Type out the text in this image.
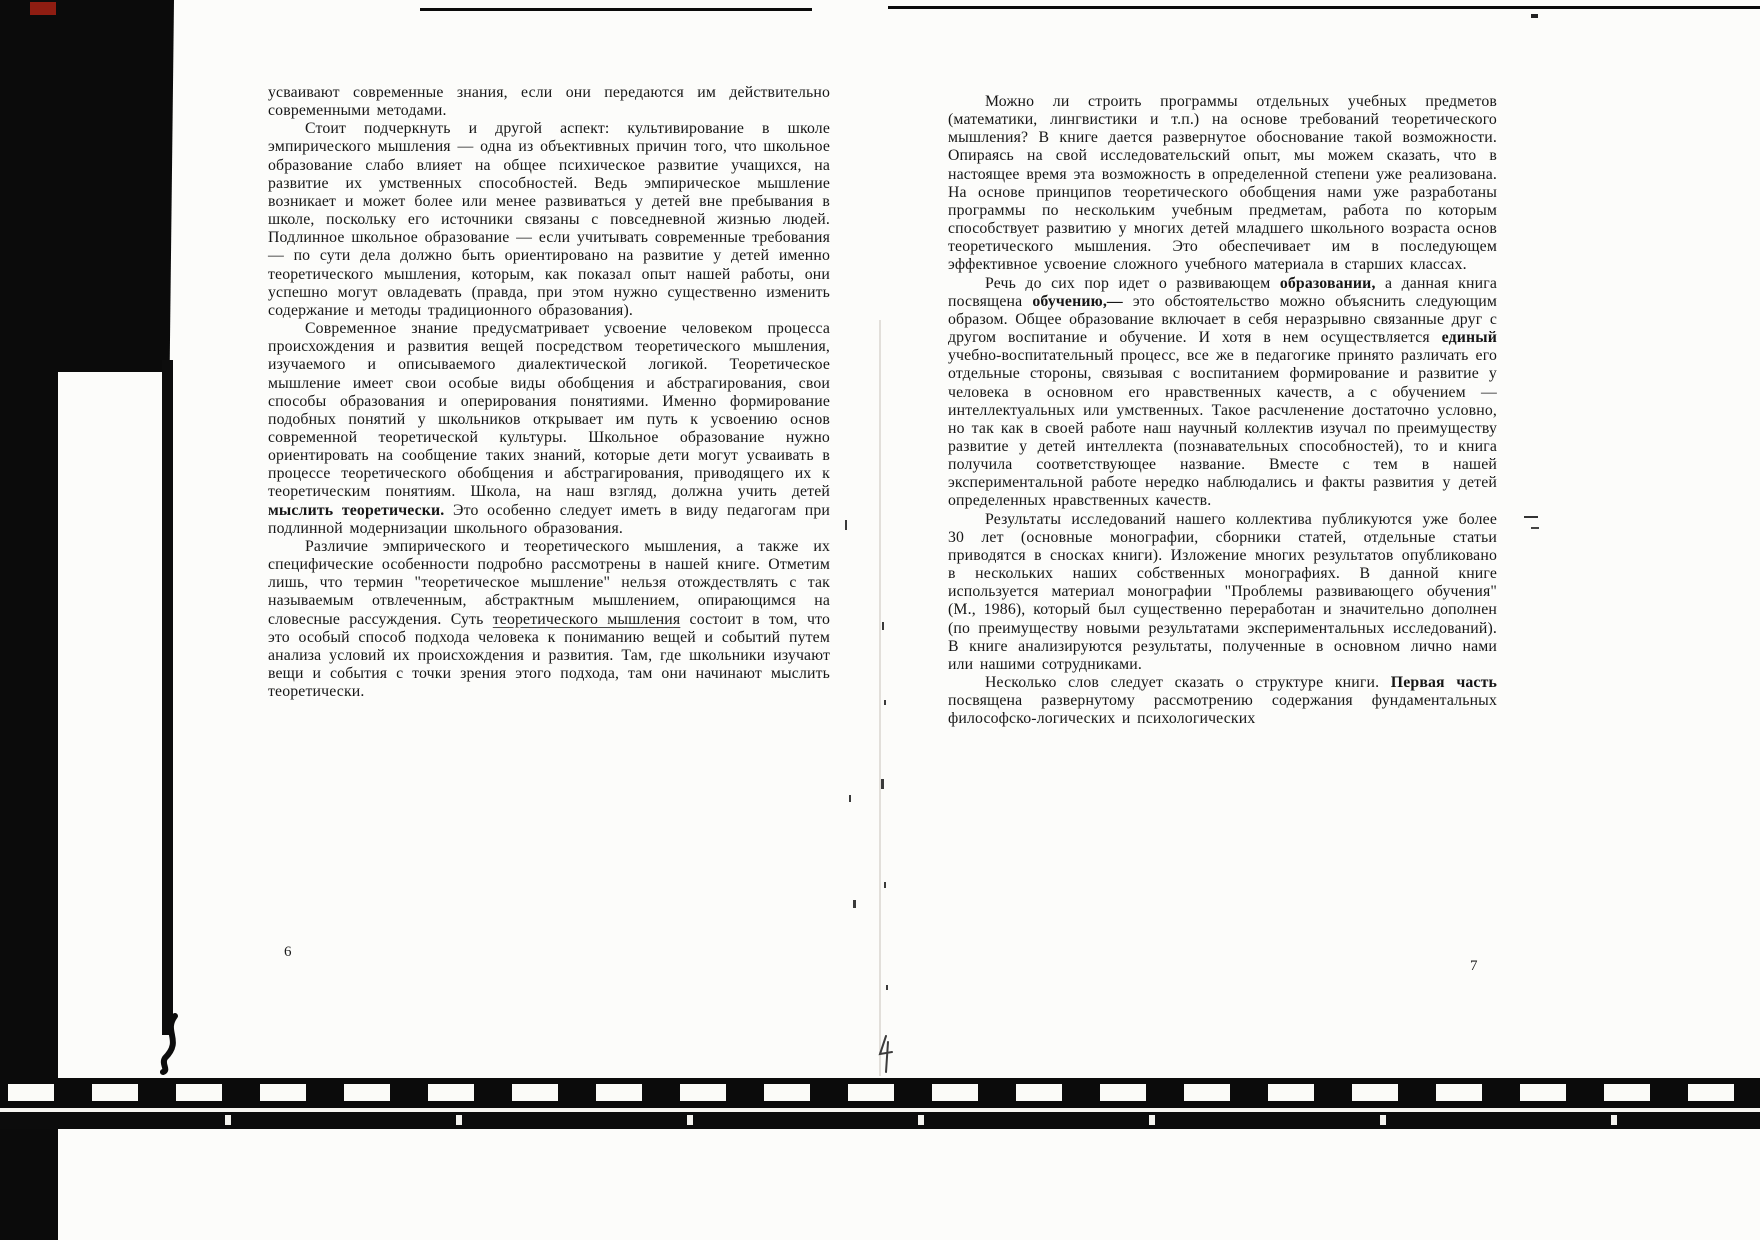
усваивают современные знания, если они передаются им действительно современными методами.

Стоит подчеркнуть и другой аспект: культивирование в школе эмпирического мышления — одна из объективных причин того, что школьное образование слабо влияет на общее психическое развитие учащихся, на развитие их умственных способностей. Ведь эмпирическое мышление возникает и может более или менее развиваться у детей вне пребывания в школе, поскольку его источники связаны с повседневной жизнью людей. Подлинное школьное образование — если учитывать современные требования — по сути дела должно быть ориентировано на развитие у детей именно теоретического мышления, которым, как показал опыт нашей работы, они успешно могут овладевать (правда, при этом нужно существенно изменить содержание и методы традиционного образования).

Современное знание предусматривает усвоение человеком процесса происхождения и развития вещей посредством теоретического мышления, изучаемого и описываемого диалектической логикой. Теоретическое мышление имеет свои особые виды обобщения и абстрагирования, свои способы образования и оперирования понятиями. Именно формирование подобных понятий у школьников открывает им путь к усвоению основ современной теоретической культуры. Школьное образование нужно ориентировать на сообщение таких знаний, которые дети могут усваивать в процессе теоретического обобщения и абстрагирования, приводящего их к теоретическим понятиям. Школа, на наш взгляд, должна учить детей мыслить теоретически. Это особенно следует иметь в виду педагогам при подлинной модернизации школьного образования.

Различие эмпирического и теоретического мышления, а также их специфические особенности подробно рассмотрены в нашей книге. Отметим лишь, что термин "теоретическое мышление" нельзя отождествлять с так называемым отвлеченным, абстрактным мышлением, опирающимся на словесные рассуждения. Суть теоретического мышления состоит в том, что это особый способ подхода человека к пониманию вещей и событий путем анализа условий их происхождения и развития. Там, где школьники изучают вещи и события с точки зрения этого подхода, там они начинают мыслить теоретически.

6

Можно ли строить программы отдельных учебных предметов (математики, лингвистики и т.п.) на основе требований теоретического мышления? В книге дается развернутое обоснование такой возможности. Опираясь на свой исследовательский опыт, мы можем сказать, что в настоящее время эта возможность в определенной степени уже реализована. На основе принципов теоретического обобщения нами уже разработаны программы по нескольким учебным предметам, работа по которым способствует развитию у многих детей младшего школьного возраста основ теоретического мышления. Это обеспечивает им в последующем эффективное усвоение сложного учебного материала в старших классах.

Речь до сих пор идет о развивающем образовании, а данная книга посвящена обучению,— это обстоятельство можно объяснить следующим образом. Общее образование включает в себя неразрывно связанные друг с другом воспитание и обучение. И хотя в нем осуществляется единый учебно-воспитательный процесс, все же в педагогике принято различать его отдельные стороны, связывая с воспитанием формирование и развитие у человека в основном его нравственных качеств, а с обучением — интеллектуальных или умственных. Такое расчленение достаточно условно, но так как в своей работе наш научный коллектив изучал по преимуществу развитие у детей интеллекта (познавательных способностей), то и книга получила соответствующее название. Вместе с тем в нашей экспериментальной работе нередко наблюдались и факты развития у детей определенных нравственных качеств.

Результаты исследований нашего коллектива публикуются уже более 30 лет (основные монографии, сборники статей, отдельные статьи приводятся в сносках книги). Изложение многих результатов опубликовано в нескольких наших собственных монографиях. В данной книге используется материал монографии "Проблемы развивающего обучения" (М., 1986), который был существенно переработан и значительно дополнен (по преимуществу новыми результатами экспериментальных исследований). В книге анализируются результаты, полученные в основном лично нами или нашими сотрудниками.

Несколько слов следует сказать о структуре книги. Первая часть посвящена развернутому рассмотрению содержания фундаментальных философско-логических и психологических

7
